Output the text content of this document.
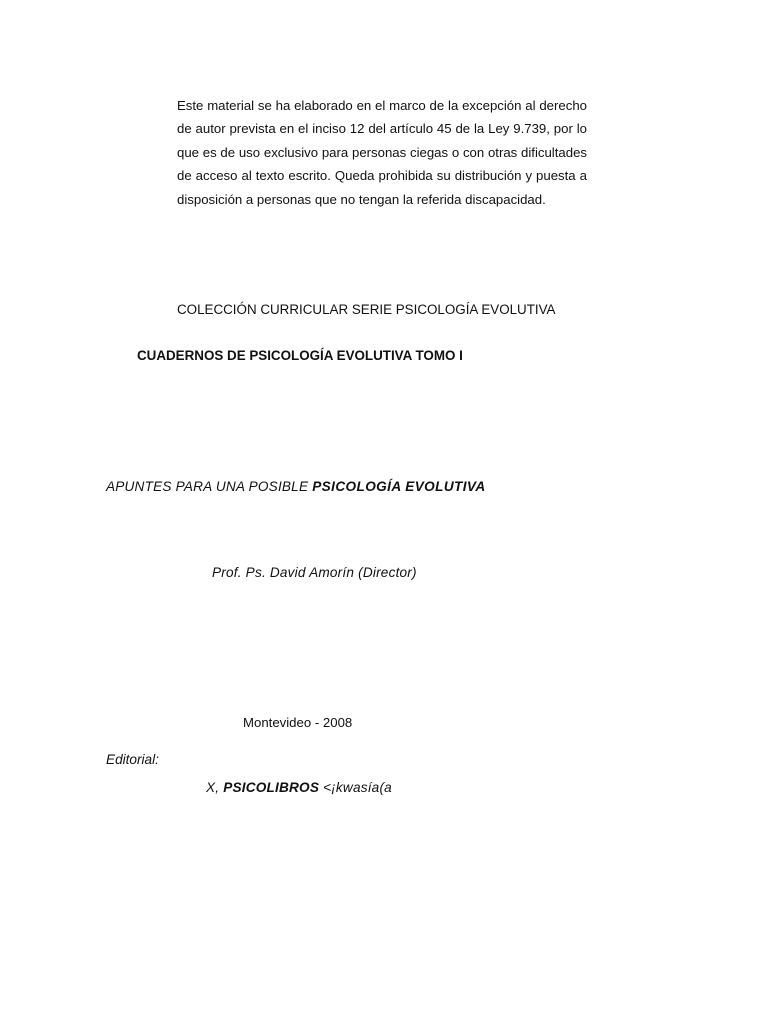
Este material se ha elaborado en el marco de la excepción al derecho de autor prevista en el inciso 12 del artículo 45 de la Ley 9.739, por lo que es de uso exclusivo para personas ciegas o con otras dificultades de acceso al texto escrito. Queda prohibida su distribución y puesta a disposición a personas que no tengan la referida discapacidad.

COLECCIÓN CURRICULAR SERIE PSICOLOGÍA EVOLUTIVA
CUADERNOS DE PSICOLOGÍA EVOLUTIVA TOMO I
APUNTES PARA UNA POSIBLE PSICOLOGÍA EVOLUTIVA
Prof. Ps. David Amorín (Director)
Montevideo - 2008
Editorial:
X, PSICOLIBROS <¡kwasía(a
